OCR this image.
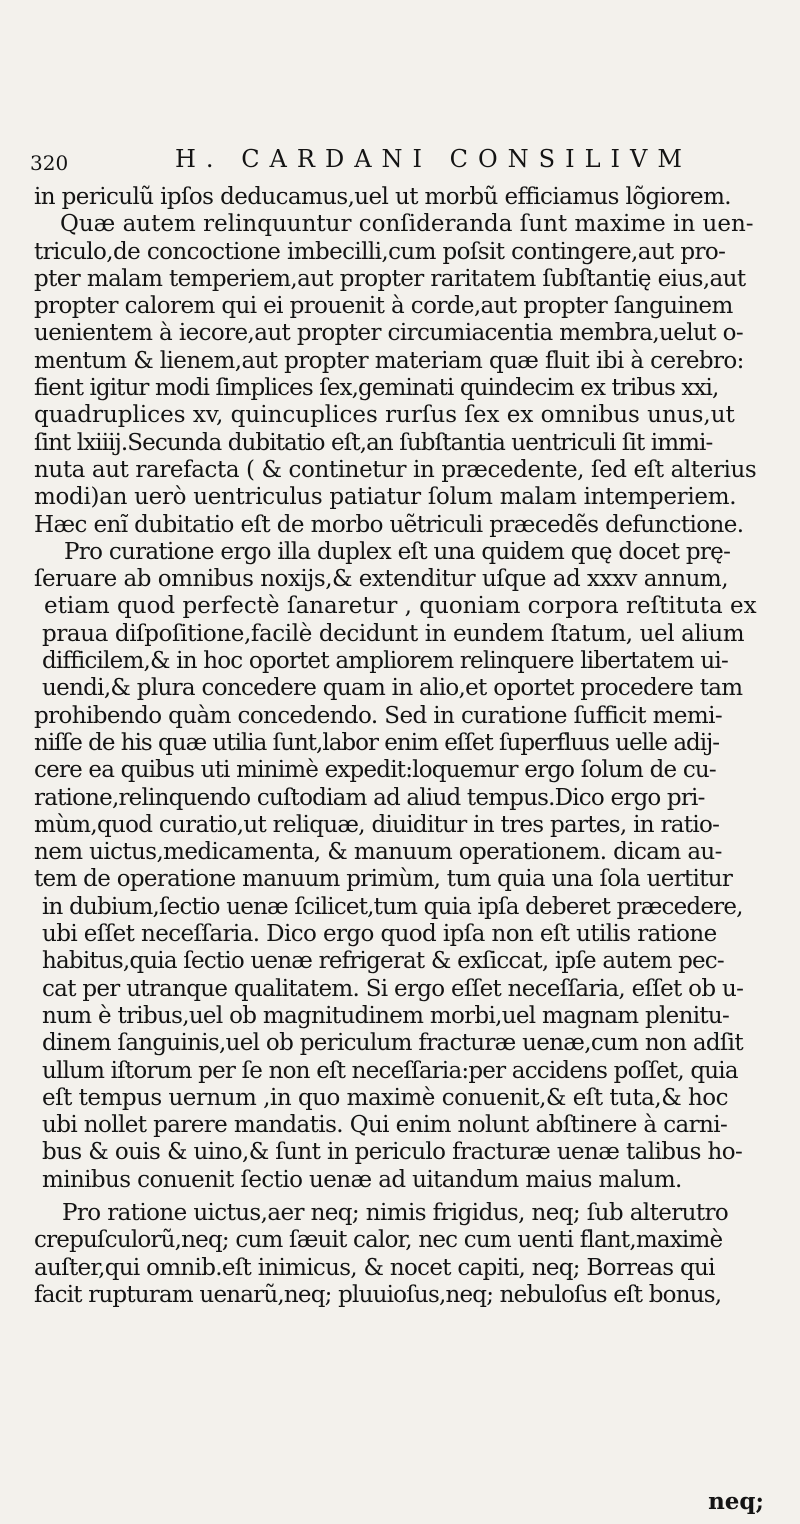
320	H. CARDANI CONSILIVM
in periculũ ipſos deducamus,uel ut morbũ efficiamus lõgiorem.
Quæ autem relinquuntur conſideranda ſunt maxime in uen-
triculo,de concoctione imbecilli,cum poſsit contingere,aut pro-
pter malam temperiem,aut propter raritatem ſubſtantię eius,aut
propter calorem qui ei prouenit à corde,aut propter ſanguinem
uenientem à iecore,aut propter circumiacentia membra,uelut o-
mentum & lienem,aut propter materiam quæ fluit ibi à cerebro:
fient igitur modi ſimplices ſex,geminati quindecim ex tribus xxi,
quadruplices xv, quincuplices rurſus ſex ex omnibus unus,ut
ſint lxiiij.Secunda dubitatio eſt,an ſubſtantia uentriculi ſit immi-
nuta aut rarefacta ( & continetur in præcedente, ſed eſt alterius
modi)an uerò uentriculus patiatur ſolum malam intemperiem.
Hæc enĩ dubitatio eſt de morbo uẽtriculi præcedẽs defunctione.
Pro curatione ergo illa duplex eſt una quidem quę docet prę-
ſeruare ab omnibus noxijs,& extenditur uſque ad xxxv annum,
etiam quod perfectè ſanaretur , quoniam corpora reſtituta ex
praua diſpoſitione,facilè decidunt in eundem ſtatum, uel alium
difficilem,& in hoc oportet ampliorem relinquere libertatem ui-
uendi,& plura concedere quam in alio,et oportet procedere tam
prohibendo quàm concedendo. Sed in curatione ſufficit memi-
niſſe de his quæ utilia ſunt,labor enim eſſet ſuperfluus uelle adij-
cere ea quibus uti minimè expedit:loquemur ergo ſolum de cu-
ratione,relinquendo cuſtodiam ad aliud tempus.Dico ergo pri-
mùm,quod curatio,ut reliquæ, diuiditur in tres partes, in ratio-
nem uictus,medicamenta, & manuum operationem. dicam au-
tem de operatione manuum primùm, tum quia una ſola uertitur
in dubium,ſectio uenæ ſcilicet,tum quia ipſa deberet præcedere,
ubi eſſet neceſſaria. Dico ergo quod ipſa non eſt utilis ratione
habitus,quia ſectio uenæ refrigerat & exſiccat, ipſe autem pec-
cat per utranque qualitatem. Si ergo eſſet neceſſaria, eſſet ob u-
num è tribus,uel ob magnitudinem morbi,uel magnam plenitu-
dinem ſanguinis,uel ob periculum fracturæ uenæ,cum non adſit
ullum iſtorum per ſe non eſt neceſſaria:per accidens poſſet, quia
eſt tempus uernum ,in quo maximè conuenit,& eſt tuta,& hoc
ubi nollet parere mandatis. Qui enim nolunt abſtinere à carni-
bus & ouis & uino,& ſunt in periculo fracturæ uenæ talibus ho-
minibus conuenit ſectio uenæ ad uitandum maius malum.
Pro ratione uictus,aer neq; nimis frigidus, neq; ſub alterutro
crepuſculorũ,neq; cum ſæuit calor, nec cum uenti flant,maximè
auſter,qui omnib.eſt inimicus, & nocet capiti, neq; Borreas qui
facit rupturam uenarũ,neq; pluuioſus,neq; nebuloſus eſt bonus,
neq;
